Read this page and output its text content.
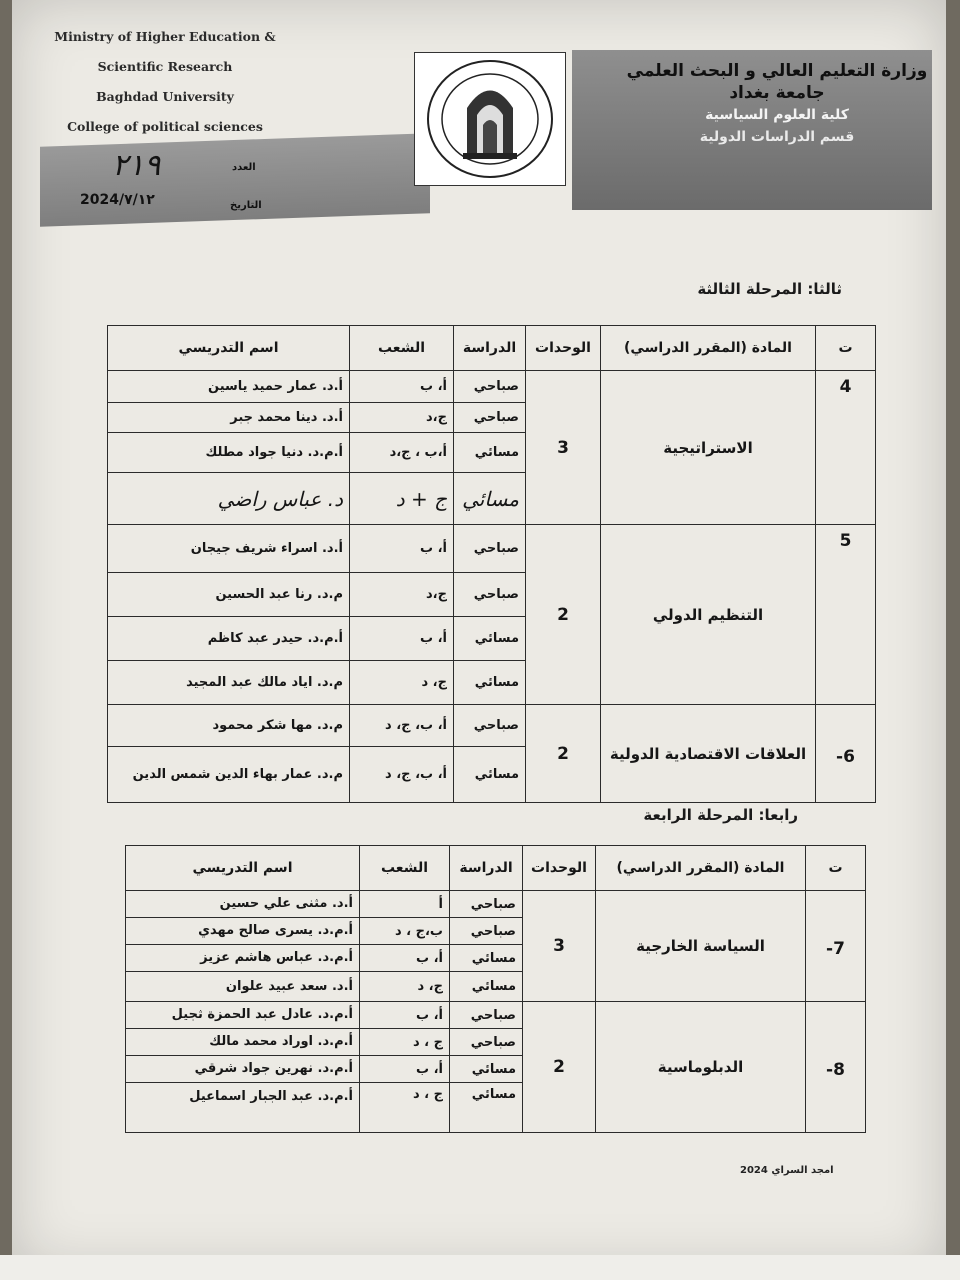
Ministry of Higher Education &
Scientific Research
Baghdad University
College of political sciences
العدد
٢١٩
2024/٧/١٢	التاريخ
وزارة التعليم العالي و البحث العلمي
جامعة بغداد
كلية العلوم السياسية
قسم الدراسات الدولية
ثالثا: المرحلة الثالثة
ت	المادة (المقرر الدراسي)	الوحدات	الدراسة	الشعب	اسم التدريسي
4	الاستراتيجية	3	صباحي	أ، ب	أ.د. عمار حميد ياسين
			صباحي	ج،د	أ.د. دينا محمد جبر
			مسائي	أ،ب ، ج،د	أ.م.د. دنيا جواد مطلك
			مسائي	ج + د	د. عباس راضي
5	التنظيم الدولي	2	صباحي	أ، ب	أ.د. اسراء شريف جيجان
			صباحي	ج،د	م.د. رنا عبد الحسين
			مسائي	أ، ب	أ.م.د. حيدر عبد كاظم
			مسائي	ج، د	م.د. اياد مالك عبد المجيد
6-	العلاقات الاقتصادية الدولية	2	صباحي	أ، ب، ج، د	م.د. مها شكر محمود
			مسائي	أ، ب، ج، د	م.د. عمار بهاء الدين شمس الدين
رابعا: المرحلة الرابعة
ت	المادة (المقرر الدراسي)	الوحدات	الدراسة	الشعب	اسم التدريسي
7-	السياسة الخارجية	3	صباحي	أ	أ.د. مثنى علي حسين
			صباحي	ب،ج ، د	أ.م.د. يسرى صالح مهدي
			مسائي	أ، ب	أ.م.د. عباس هاشم عزيز
			مسائي	ج، د	أ.د. سعد عبيد علوان
8-	الدبلوماسية	2	صباحي	أ، ب	أ.م.د. عادل عبد الحمزة ثجيل
			صباحي	ج ، د	أ.م.د. اوراد محمد مالك
			مسائي	أ، ب	أ.م.د. نهرين جواد شرقي
			مسائي	ج ، د	أ.م.د. عبد الجبار اسماعيل
امجد السراي 2024
